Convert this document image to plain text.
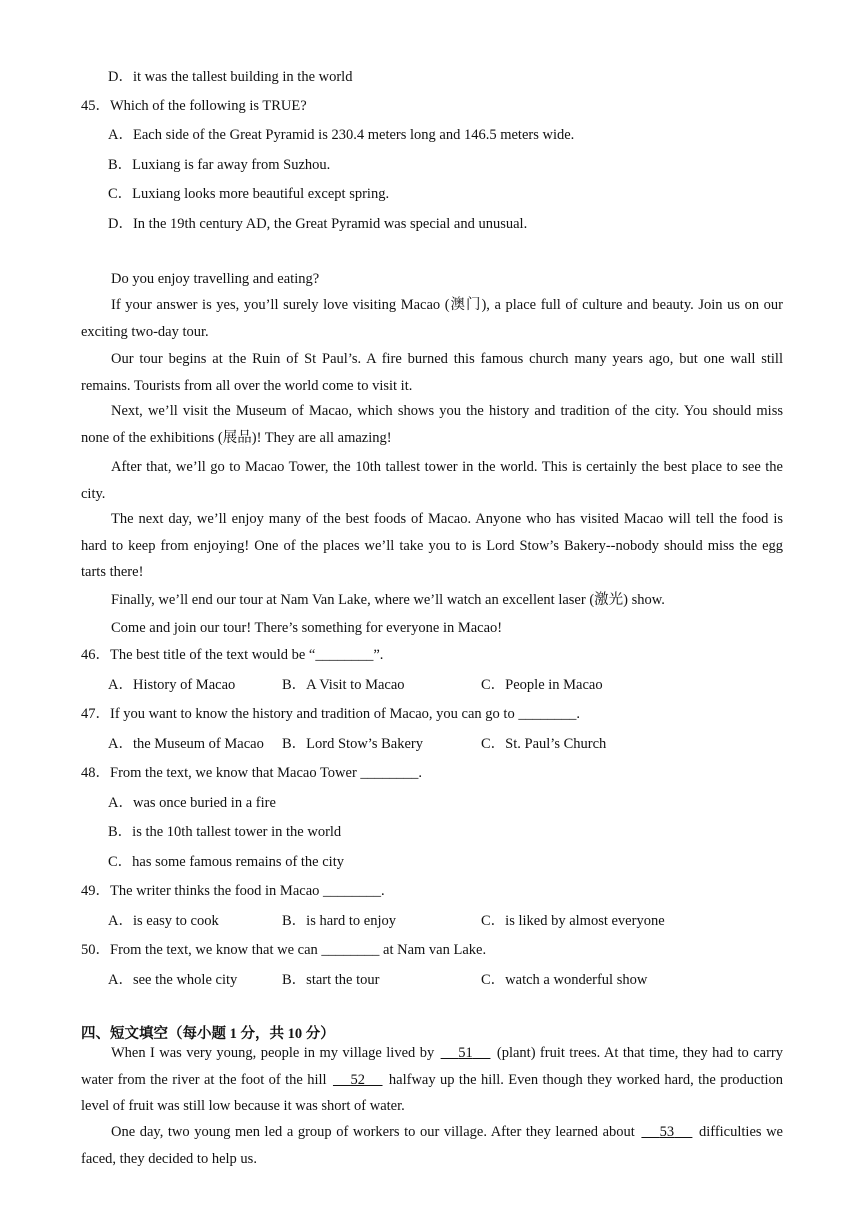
D．it was the tallest building in the world
45．Which of the following is TRUE?
A．Each side of the Great Pyramid is 230.4 meters long and 146.5 meters wide.
B．Luxiang is far away from Suzhou.
C．Luxiang looks more beautiful except spring.
D．In the 19th century AD, the Great Pyramid was special and unusual.
Do you enjoy travelling and eating?
If your answer is yes, you’ll surely love visiting Macao (澳门), a place full of culture and beauty. Join us on our exciting two-day tour.
Our tour begins at the Ruin of St Paul’s. A fire burned this famous church many years ago, but one wall still remains. Tourists from all over the world come to visit it.
Next, we’ll visit the Museum of Macao, which shows you the history and tradition of the city. You should miss none of the exhibitions (展品)! They are all amazing!
After that, we’ll go to Macao Tower, the 10th tallest tower in the world. This is certainly the best place to see the city.
The next day, we’ll enjoy many of the best foods of Macao. Anyone who has visited Macao will tell the food is hard to keep from enjoying! One of the places we’ll take you to is Lord Stow’s Bakery--nobody should miss the egg tarts there!
Finally, we’ll end our tour at Nam Van Lake, where we’ll watch an excellent laser (激光) show.
Come and join our tour! There’s something for everyone in Macao!
46．The best title of the text would be “________”.
A．History of Macao	B．A Visit to Macao	C．People in Macao
47．If you want to know the history and tradition of Macao, you can go to ________.
A．the Museum of Macao B．Lord Stow’s Bakery	C．St. Paul’s Church
48．From the text, we know that Macao Tower ________.
A．was once buried in a fire
B．is the 10th tallest tower in the world
C．has some famous remains of the city
49．The writer thinks the food in Macao ________.
A．is easy to cook	B．is hard to enjoy	C．is liked by almost everyone
50．From the text, we know that we can ________ at Nam van Lake.
A．see the whole city	B．start the tour	C．watch a wonderful show
四、短文填空（每小题 1 分，共 10 分）
When I was very young, people in my village lived by     51     (plant) fruit trees. At that time, they had to carry water from the river at the foot of the hill     52     halfway up the hill. Even though they worked hard, the production level of fruit was still low because it was short of water.
One day, two young men led a group of workers to our village. After they learned about     53     difficulties we faced, they decided to help us.
